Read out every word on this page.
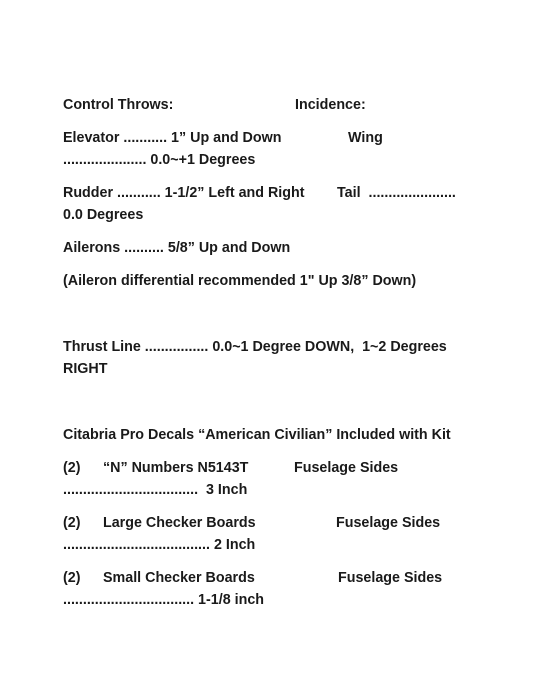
Control Throws:	Incidence:
Elevator ........... 1” Up and Down	Wing
..................... 0.0~+1 Degrees
Rudder ........... 1-1/2” Left and Right Tail  ......................
0.0 Degrees
Ailerons .......... 5/8” Up and Down
(Aileron differential recommended 1" Up 3/8” Down)
Thrust Line ................ 0.0~1 Degree DOWN,  1~2 Degrees
RIGHT
Citabria Pro Decals “American Civilian” Included with Kit
(2) “N” Numbers N5143T	Fuselage Sides
..................................  3 Inch
(2) Large Checker Boards	Fuselage Sides
..................................... 2 Inch
(2) Small Checker Boards	Fuselage Sides
................................. 1-1/8 inch
